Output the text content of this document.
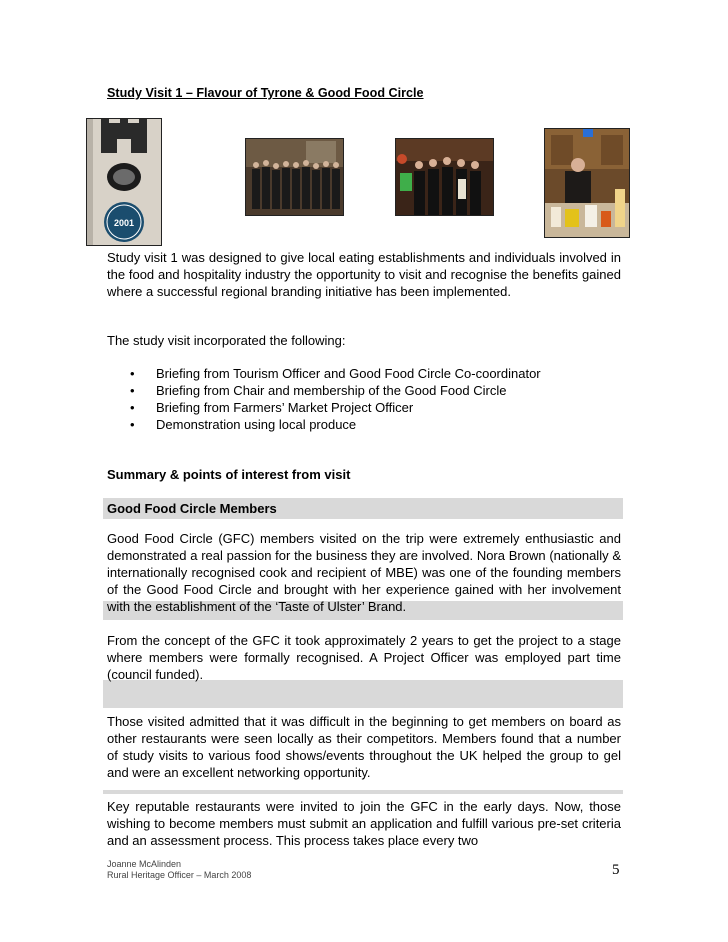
Study Visit 1 – Flavour of Tyrone & Good Food Circle
2001
Study visit 1 was designed to give local eating establishments and individuals involved in the food and hospitality industry the opportunity to visit and recognise the benefits gained where a successful regional branding initiative has been implemented.
The study visit incorporated the following:
• Briefing from Tourism Officer and Good Food Circle Co-coordinator
• Briefing from Chair and membership of the Good Food Circle
• Briefing from Farmers’ Market Project Officer
• Demonstration using local produce
Summary & points of interest from visit
Good Food Circle Members
Good Food Circle (GFC) members visited on the trip were extremely enthusiastic and demonstrated a real passion for the business they are involved. Nora Brown (nationally & internationally recognised cook and recipient of MBE) was one of the founding members of the Good Food Circle and brought with her experience gained with her involvement with the establishment of the ‘Taste of Ulster’ Brand.
From the concept of the GFC it took approximately 2 years to get the project to a stage where members were formally recognised. A Project Officer was employed part time (council funded).
Those visited admitted that it was difficult in the beginning to get members on board as other restaurants were seen locally as their competitors. Members found that a number of study visits to various food shows/events throughout the UK helped the group to gel and were an excellent networking opportunity.
Key reputable restaurants were invited to join the GFC in the early days. Now, those wishing to become members must submit an application and fulfill various pre-set criteria and an assessment process. This process takes place every two
Joanne McAlinden
Rural Heritage Officer – March 2008	5
